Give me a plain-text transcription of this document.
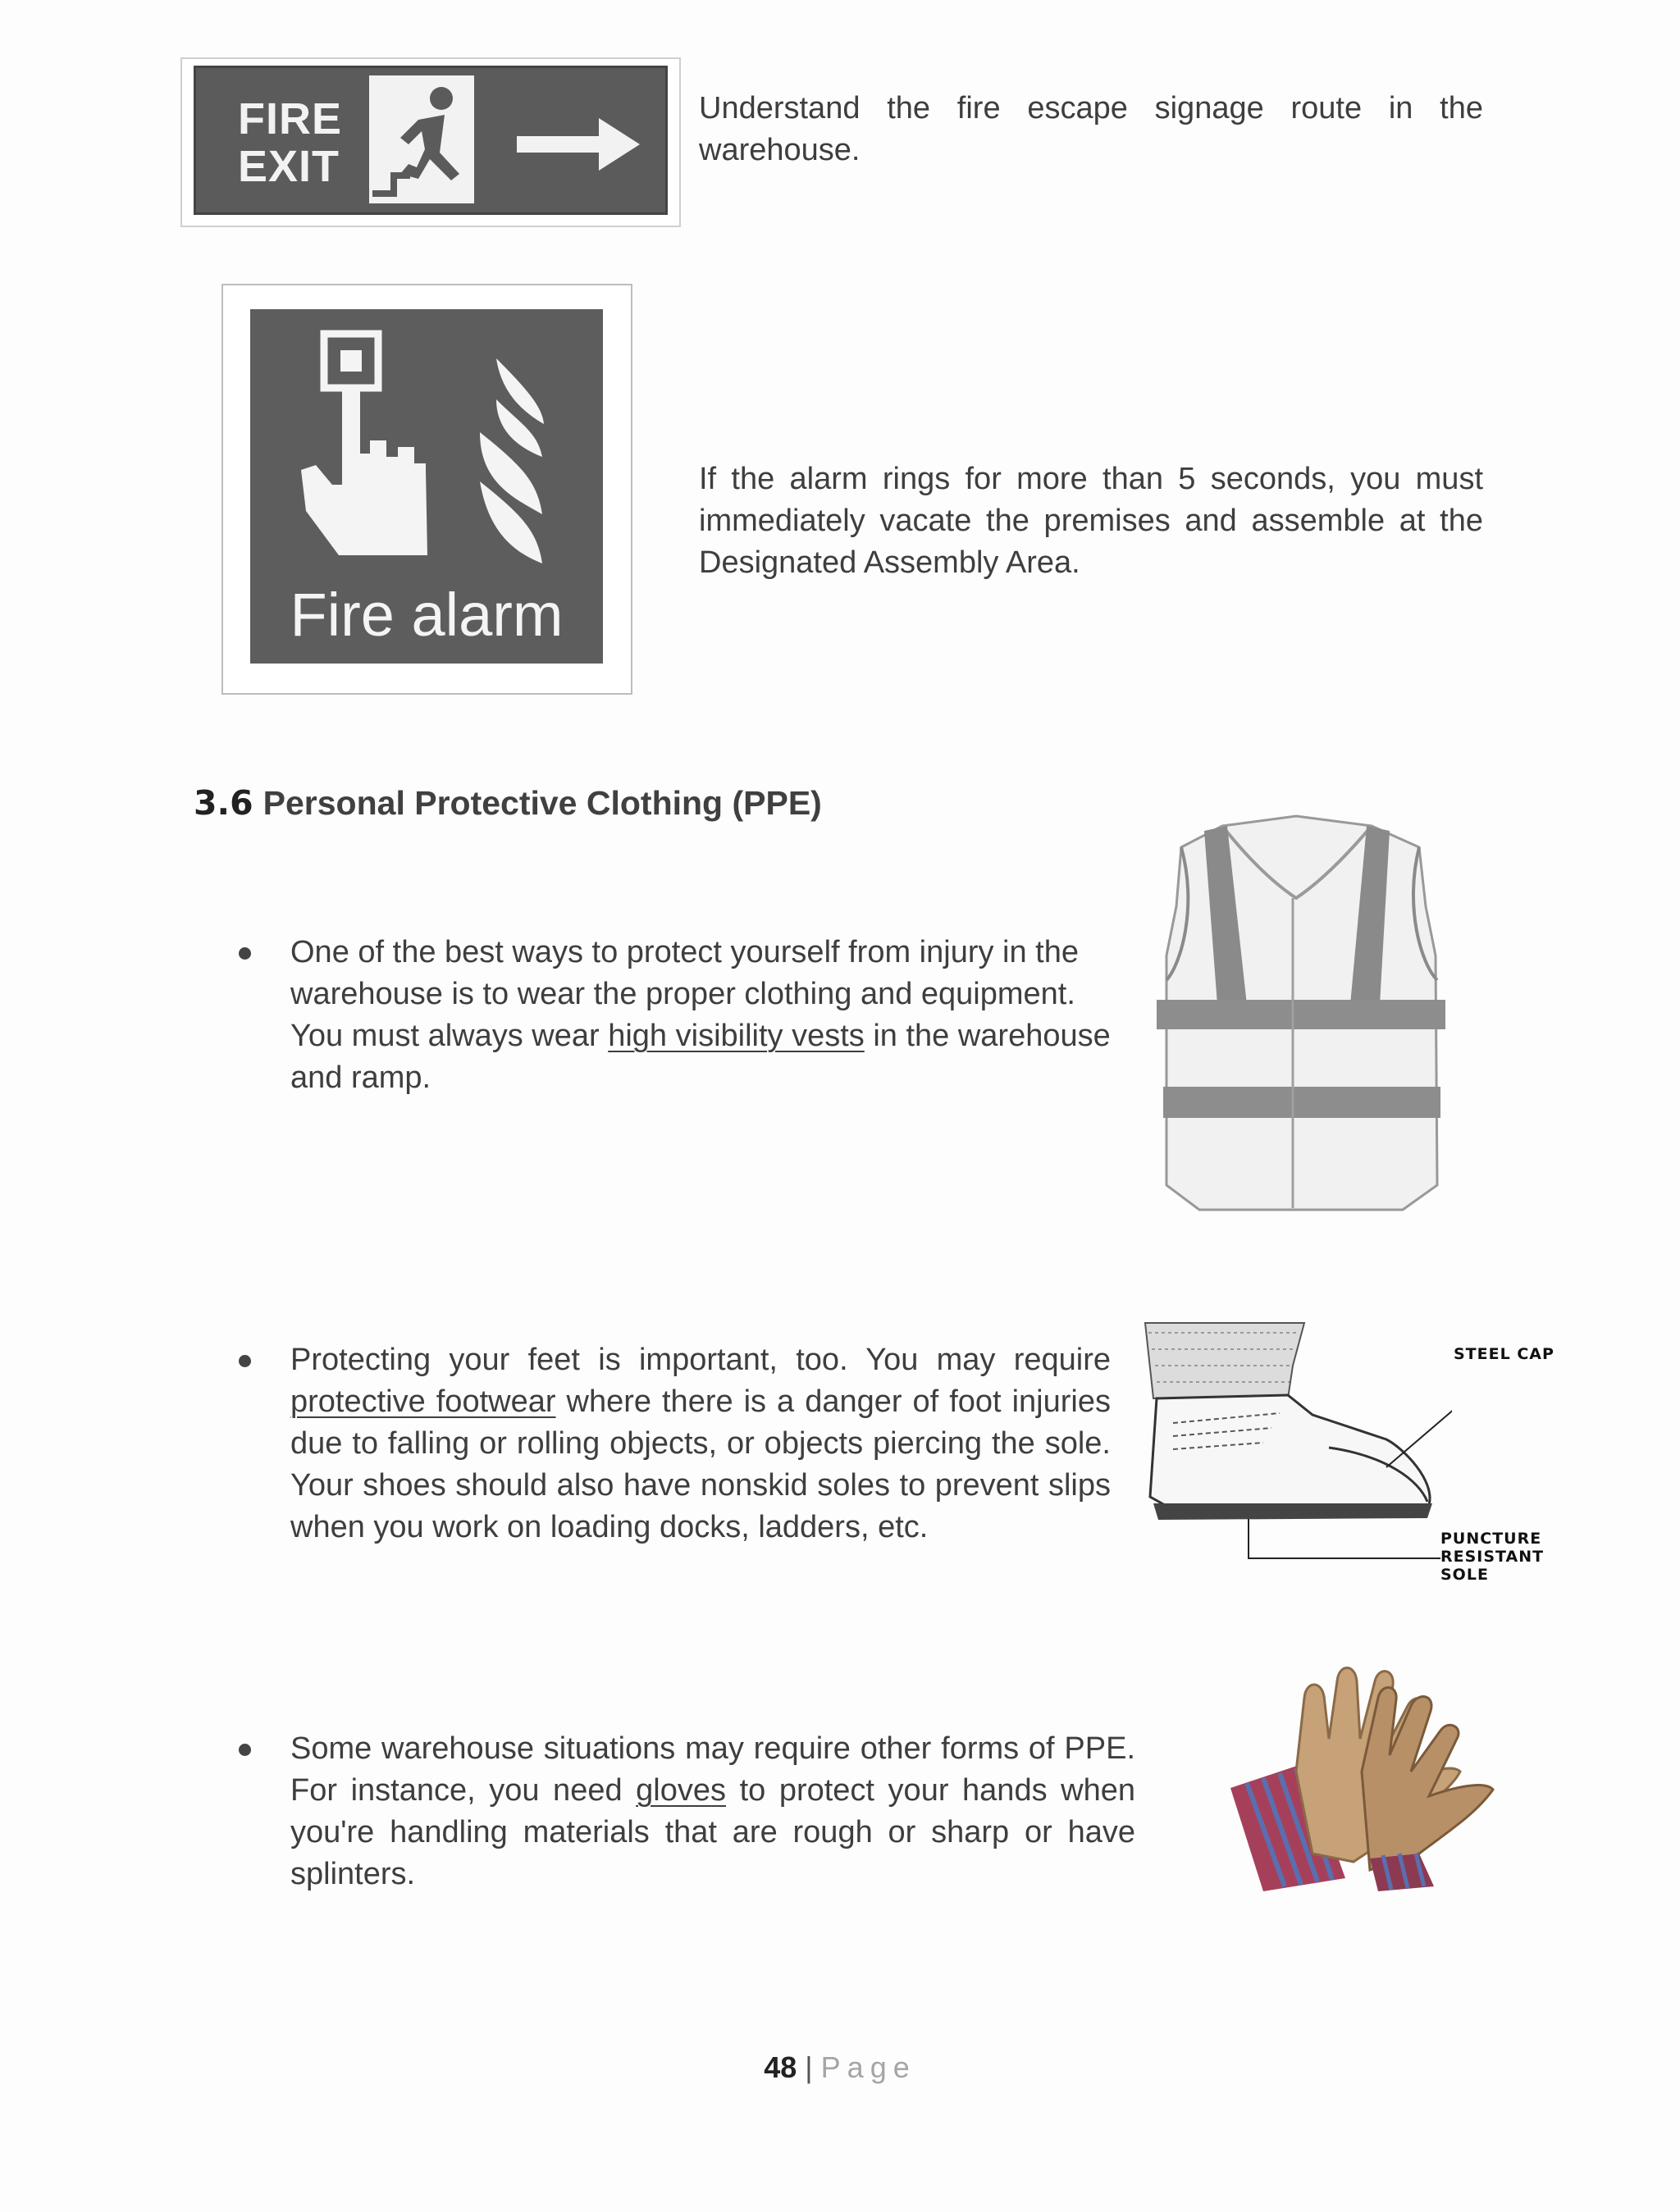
FIRE
EXIT
Understand the fire escape signage route in the warehouse.
Fire alarm
If the alarm rings for more than 5 seconds, you must immediately vacate the premises and assemble at the Designated Assembly Area.
3.6 Personal Protective Clothing (PPE)
One of the best ways to protect yourself from injury in the warehouse is to wear the proper clothing and equipment. You must always wear high visibility vests in the warehouse and ramp.
Protecting your feet is important, too. You may require protective footwear where there is a danger of foot injuries due to falling or rolling objects, or objects piercing the sole. Your shoes should also have nonskid soles to prevent slips when you work on loading docks, ladders, etc.
STEEL CAP
PUNCTURE
RESISTANT
SOLE
Some warehouse situations may require other forms of PPE. For instance, you need gloves to protect your hands when you're handling materials that are rough or sharp or have splinters.
48 | Page
